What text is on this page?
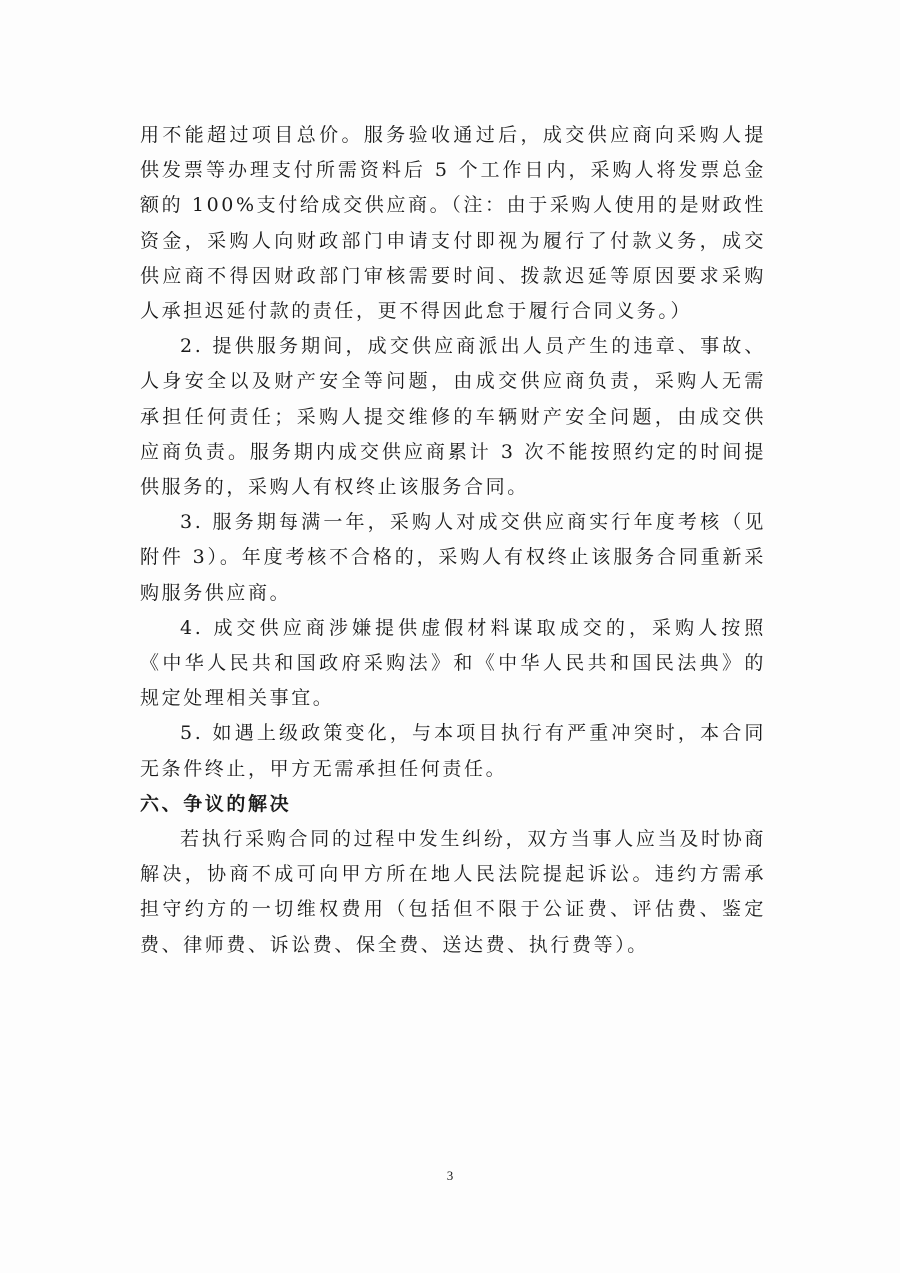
用不能超过项目总价。服务验收通过后，成交供应商向采购人提供发票等办理支付所需资料后 5 个工作日内，采购人将发票总金额的 100%支付给成交供应商。（注：由于采购人使用的是财政性资金，采购人向财政部门申请支付即视为履行了付款义务，成交供应商不得因财政部门审核需要时间、拨款迟延等原因要求采购人承担迟延付款的责任，更不得因此怠于履行合同义务。）

2. 提供服务期间，成交供应商派出人员产生的违章、事故、人身安全以及财产安全等问题，由成交供应商负责，采购人无需承担任何责任；采购人提交维修的车辆财产安全问题，由成交供应商负责。服务期内成交供应商累计 3 次不能按照约定的时间提供服务的，采购人有权终止该服务合同。

3. 服务期每满一年，采购人对成交供应商实行年度考核（见附件 3）。年度考核不合格的，采购人有权终止该服务合同重新采购服务供应商。

4. 成交供应商涉嫌提供虚假材料谋取成交的，采购人按照《中华人民共和国政府采购法》和《中华人民共和国民法典》的规定处理相关事宜。

5. 如遇上级政策变化，与本项目执行有严重冲突时，本合同无条件终止，甲方无需承担任何责任。

六、争议的解决

若执行采购合同的过程中发生纠纷，双方当事人应当及时协商解决，协商不成可向甲方所在地人民法院提起诉讼。违约方需承担守约方的一切维权费用（包括但不限于公证费、评估费、鉴定费、律师费、诉讼费、保全费、送达费、执行费等）。

3
